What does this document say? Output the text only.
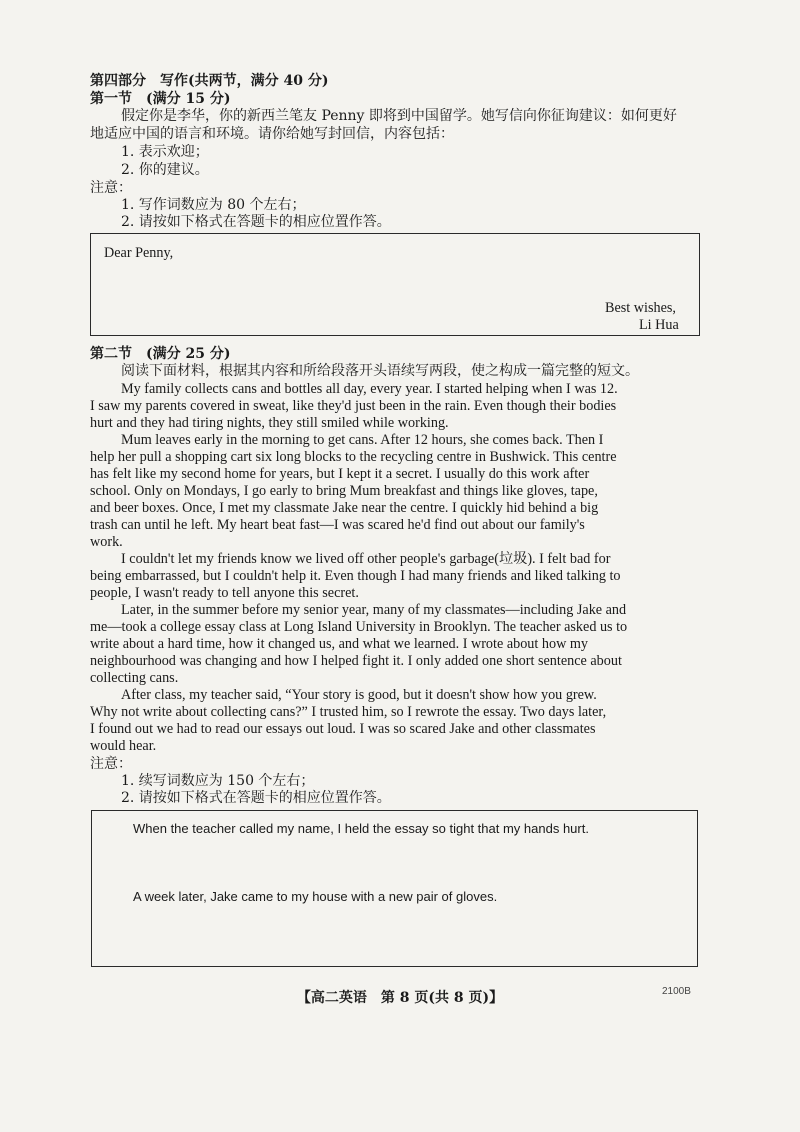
第四部分　写作(共两节，满分 40 分)
第一节　(满分 15 分)
假定你是李华，你的新西兰笔友 Penny 即将到中国留学。她写信向你征询建议：如何更好
地适应中国的语言和环境。请你给她写封回信，内容包括：
1. 表示欢迎；
2. 你的建议。
注意：
1. 写作词数应为 80 个左右；
2. 请按如下格式在答题卡的相应位置作答。
Dear Penny,
Best wishes,
Li Hua
第二节　(满分 25 分)
阅读下面材料，根据其内容和所给段落开头语续写两段，使之构成一篇完整的短文。
My family collects cans and bottles all day, every year. I started helping when I was 12.
I saw my parents covered in sweat, like they'd just been in the rain. Even though their bodies
hurt and they had tiring nights, they still smiled while working.
Mum leaves early in the morning to get cans. After 12 hours, she comes back. Then I
help her pull a shopping cart six long blocks to the recycling centre in Bushwick. This centre
has felt like my second home for years, but I kept it a secret. I usually do this work after
school. Only on Mondays, I go early to bring Mum breakfast and things like gloves, tape,
and beer boxes. Once, I met my classmate Jake near the centre. I quickly hid behind a big
trash can until he left. My heart beat fast—I was scared he'd find out about our family's
work.
I couldn't let my friends know we lived off other people's garbage(垃圾). I felt bad for
being embarrassed, but I couldn't help it. Even though I had many friends and liked talking to
people, I wasn't ready to tell anyone this secret.
Later, in the summer before my senior year, many of my classmates—including Jake and
me—took a college essay class at Long Island University in Brooklyn. The teacher asked us to
write about a hard time, how it changed us, and what we learned. I wrote about how my
neighbourhood was changing and how I helped fight it. I only added one short sentence about
collecting cans.
After class, my teacher said, “Your story is good, but it doesn't show how you grew.
Why not write about collecting cans?” I trusted him, so I rewrote the essay. Two days later,
I found out we had to read our essays out loud. I was so scared Jake and other classmates
would hear.
注意：
1. 续写词数应为 150 个左右；
2. 请按如下格式在答题卡的相应位置作答。
When the teacher called my name, I held the essay so tight that my hands hurt.
A week later, Jake came to my house with a new pair of gloves.
【高二英语　第 8 页(共 8 页)】	2100B
